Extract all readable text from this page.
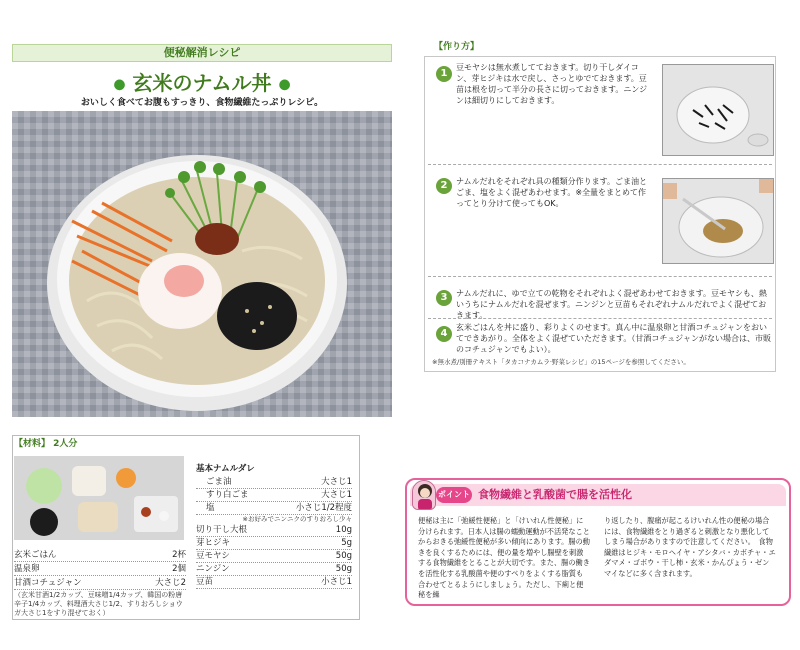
便秘解消レシピ
● 玄米のナムル丼 ●
おいしく食べてお腹もすっきり、食物繊維たっぷりレシピ。
【材料】 2人分
玄米ごはん	2杯
温泉卵	2個
甘酒コチュジャン	大さじ2
（玄米甘酒1/2カップ、豆味噌1/4カップ、韓国の粉唐辛子1/4カップ、料理酒大さじ1/2、すりおろしショウガ大さじ1をすり混ぜておく）
基本ナムルダレ
ごま油	大さじ1
すり白ごま	大さじ1
塩	小さじ1/2程度
※お好みでニンニクのすりおろし少々
切り干し大根	10g
芽ヒジキ	5g
豆モヤシ	50g
ニンジン	50g
豆苗	小さじ1
【作り方】
1
豆モヤシは無水煮してておきます。切り干しダイコン、芽ヒジキは水で戻し、さっとゆでておきます。豆苗は根を切って半分の長さに切っておきます。ニンジンは細切りにしておきます。
2	ナムルだれをそれぞれ具の種類分作ります。ごま油とごま、塩をよく混ぜあわせます。※全量をまとめて作ってとり分けて使ってもOK。
3	ナムルだれに、ゆで立ての乾物をそれぞれよく混ぜあわせておきます。豆モヤシも、熱いうちにナムルだれを混ぜます。ニンジンと豆苗もそれぞれナムルだれでよく混ぜておきます。
4
玄米ごはんを丼に盛り、彩りよくのせます。真ん中に温泉卵と甘酒コチュジャンをおいてできあがり。全体をよく混ぜていただきます。（甘酒コチュジャンがない場合は、市販のコチュジャンでもよい）。
※無水煮/別冊テキスト「タカコナカムラ·野菜レシピ」の15ページを参照してください。
ポイント 食物繊維と乳酸菌で腸を活性化
便秘は主に「弛緩性便秘」と「けいれん性便秘」に分けられます。日本人は腸の蠕動運動が不活発なことからおきる弛緩性便秘が多い傾向にあります。腸の動きを良くするためには、便の量を増やし腸壁を刺激する食物繊維をとることが大切です。また、腸の働きを活性化する乳酸菌や便のすべりをよくする脂質も合わせてとるようにしましょう。ただし、下痢と便秘を繰
り返したり、腹痛が起こるけいれん性の便秘の場合には、食物繊維をとり過ぎると刺激となり悪化してしまう場合がありますので注意してください。　食物繊維はヒジキ・モロヘイヤ・アシタバ・カボチャ・エダマメ・ゴボウ・干し柿・玄米・かんぴょう・ゼンマイなどに多く含まれます。
